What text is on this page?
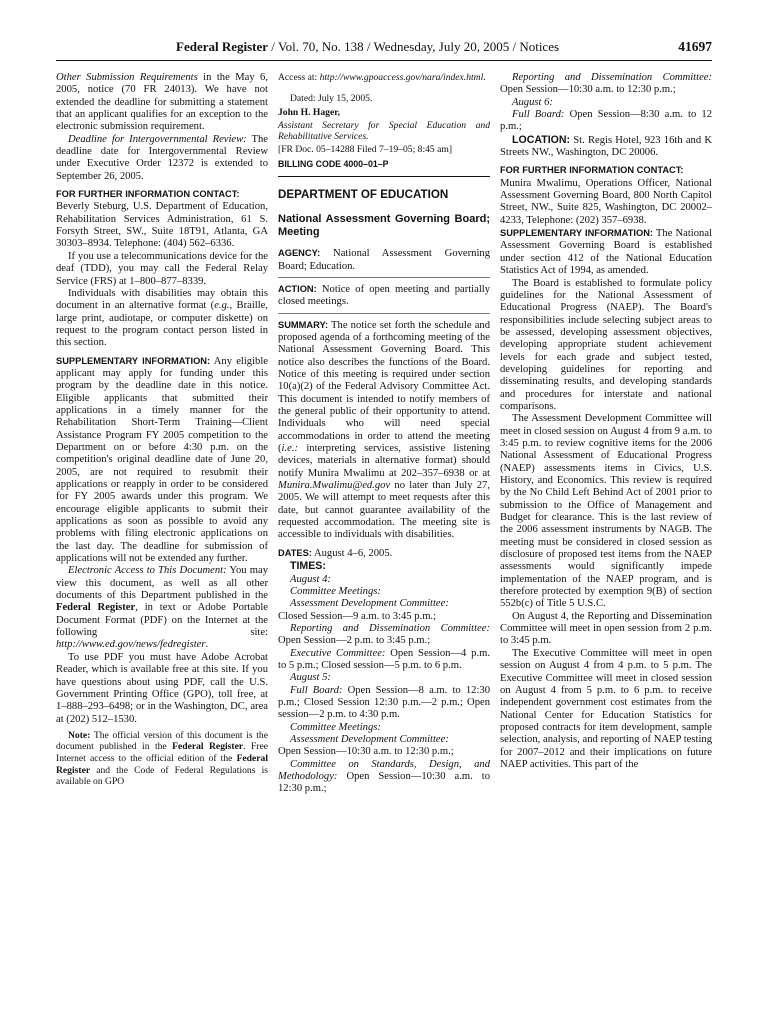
Federal Register / Vol. 70, No. 138 / Wednesday, July 20, 2005 / Notices	41697

Other Submission Requirements in the May 6, 2005, notice (70 FR 24013). We have not extended the deadline for submitting a statement that an applicant qualifies for an exception to the electronic submission requirement.

Deadline for Intergovernmental Review: The deadline date for Intergovernmental Review under Executive Order 12372 is extended to September 26, 2005.

FOR FURTHER INFORMATION CONTACT:
Beverly Steburg, U.S. Department of Education, Rehabilitation Services Administration, 61 S. Forsyth Street, SW., Suite 18T91, Atlanta, GA 30303–8934. Telephone: (404) 562–6336.

If you use a telecommunications device for the deaf (TDD), you may call the Federal Relay Service (FRS) at 1–800–877–8339.

Individuals with disabilities may obtain this document in an alternative format (e.g., Braille, large print, audiotape, or computer diskette) on request to the program contact person listed in this section.

SUPPLEMENTARY INFORMATION: Any eligible applicant may apply for funding under this program by the deadline date in this notice. Eligible applicants that submitted their applications in a timely manner for the Rehabilitation Short-Term Training—Client Assistance Program FY 2005 competition to the Department on or before 4:30 p.m. on the competition's original deadline date of June 20, 2005, are not required to resubmit their applications or reapply in order to be considered for FY 2005 awards under this program. We encourage eligible applicants to submit their applications as soon as possible to avoid any problems with filing electronic applications on the last day. The deadline for submission of applications will not be extended any further.

Electronic Access to This Document: You may view this document, as well as all other documents of this Department published in the Federal Register, in text or Adobe Portable Document Format (PDF) on the Internet at the following site: http://www.ed.gov/news/fedregister.

To use PDF you must have Adobe Acrobat Reader, which is available free at this site. If you have questions about using PDF, call the U.S. Government Printing Office (GPO), toll free, at 1–888–293–6498; or in the Washington, DC, area at (202) 512–1530.

Note: The official version of this document is the document published in the Federal Register. Free Internet access to the official edition of the Federal Register and the Code of Federal Regulations is available on GPO

Access at: http://www.gpoaccess.gov/nara/index.html.

Dated: July 15, 2005.

John H. Hager,

Assistant Secretary for Special Education and Rehabilitative Services.

[FR Doc. 05–14288 Filed 7–19–05; 8:45 am]

BILLING CODE 4000–01–P

DEPARTMENT OF EDUCATION

National Assessment Governing Board; Meeting

AGENCY: National Assessment Governing Board; Education.

ACTION: Notice of open meeting and partially closed meetings.

SUMMARY: The notice set forth the schedule and proposed agenda of a forthcoming meeting of the National Assessment Governing Board. This notice also describes the functions of the Board. Notice of this meeting is required under section 10(a)(2) of the Federal Advisory Committee Act. This document is intended to notify members of the general public of their opportunity to attend. Individuals who will need special accommodations in order to attend the meeting (i.e.: interpreting services, assistive listening devices, materials in alternative format) should notify Munira Mwalimu at 202–357–6938 or at Munira.Mwalimu@ed.gov no later than July 27, 2005. We will attempt to meet requests after this date, but cannot guarantee availability of the requested accommodation. The meeting site is accessible to individuals with disabilities.

DATES: August 4–6, 2005.

TIMES:

August 4:

Committee Meetings:

Assessment Development Committee:

Closed Session—9 a.m. to 3:45 p.m.;

Reporting and Dissemination Committee: Open Session—2 p.m. to 3:45 p.m.;

Executive Committee: Open Session—4 p.m. to 5 p.m.; Closed session—5 p.m. to 6 p.m.

August 5:

Full Board: Open Session—8 a.m. to 12:30 p.m.; Closed Session 12:30 p.m.—2 p.m.; Open session—2 p.m. to 4:30 p.m.

Committee Meetings:

Assessment Development Committee:

Open Session—10:30 a.m. to 12:30 p.m.;

Committee on Standards, Design, and Methodology: Open Session—10:30 a.m. to 12:30 p.m.;

Reporting and Dissemination Committee: Open Session—10:30 a.m. to 12:30 p.m.;

August 6:

Full Board: Open Session—8:30 a.m. to 12 p.m.;

LOCATION: St. Regis Hotel, 923 16th and K Streets NW., Washington, DC 20006.

FOR FURTHER INFORMATION CONTACT:
Munira Mwalimu, Operations Officer, National Assessment Governing Board, 800 North Capitol Street, NW., Suite 825, Washington, DC 20002–4233, Telephone: (202) 357–6938.

SUPPLEMENTARY INFORMATION: The National Assessment Governing Board is established under section 412 of the National Education Statistics Act of 1994, as amended.

The Board is established to formulate policy guidelines for the National Assessment of Educational Progress (NAEP). The Board's responsibilities include selecting subject areas to be assessed, developing assessment objectives, developing appropriate student achievement levels for each grade and subject tested, developing guidelines for reporting and disseminating results, and developing standards and procedures for interstate and national comparisons.

The Assessment Development Committee will meet in closed session on August 4 from 9 a.m. to 3:45 p.m. to review cognitive items for the 2006 National Assessment of Educational Progress (NAEP) assessments items in Civics, U.S. History, and Economics. This review is required by the No Child Left Behind Act of 2001 prior to submission to the Office of Management and Budget for clearance. This is the last review of the 2006 assessment instruments by NAGB. The meeting must be considered in closed session as disclosure of proposed test items from the NAEP assessments would significantly impede implementation of the NAEP program, and is therefore protected by exemption 9(B) of section 552b(c) of Title 5 U.S.C.

On August 4, the Reporting and Dissemination Committee will meet in open session from 2 p.m. to 3:45 p.m.

The Executive Committee will meet in open session on August 4 from 4 p.m. to 5 p.m. The Executive Committee will meet in closed session on August 4 from 5 p.m. to 6 p.m. to receive independent government cost estimates from the National Center for Education Statistics for proposed contracts for item development, sample selection, analysis, and reporting of NAEP testing for 2007–2012 and their implications on future NAEP activities. This part of the
